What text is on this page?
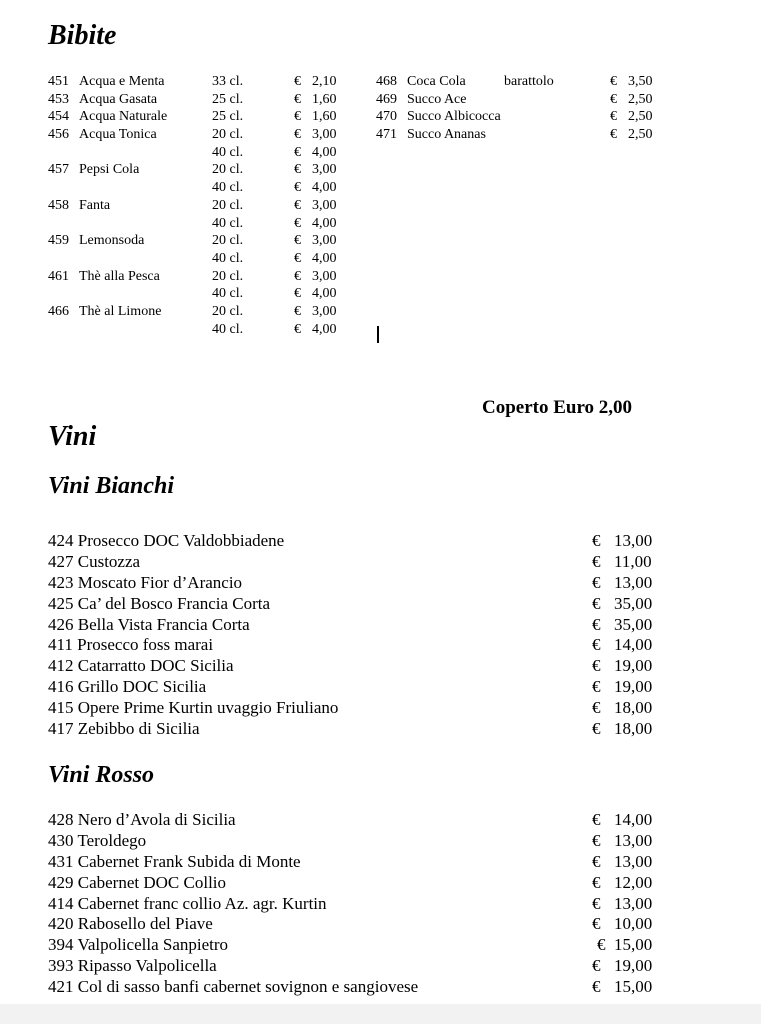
Bibite
451 Acqua e Menta	33 cl.	€ 2,10
453 Acqua Gasata	25 cl.	€ 1,60
454 Acqua Naturale	25 cl.	€ 1,60
456 Acqua Tonica	20 cl.	€ 3,00
40 cl.	€ 4,00
457 Pepsi Cola	20 cl.	€ 3,00
40 cl.	€ 4,00
458 Fanta	20 cl.	€ 3,00
40 cl.	€ 4,00
459 Lemonsoda	20 cl.	€ 3,00
40 cl.	€ 4,00
461 Thè alla Pesca	20 cl.	€ 3,00
40 cl.	€ 4,00
466 Thè al Limone	20 cl.	€ 3,00
40 cl.	€ 4,00
468 Coca Cola	barattolo	€ 3,50
469 Succo Ace	€ 2,50
470 Succo Albicocca	€ 2,50
471 Succo Ananas	€ 2,50
Coperto Euro 2,00
Vini
Vini Bianchi
424 Prosecco DOC Valdobbiadene	€ 13,00
427 Custozza	€ 11,00
423 Moscato Fior d’Arancio	€ 13,00
425 Ca’ del Bosco Francia Corta	€ 35,00
426 Bella Vista Francia Corta	€ 35,00
411 Prosecco foss marai	€ 14,00
412 Catarratto DOC Sicilia	€ 19,00
416 Grillo DOC Sicilia	€ 19,00
415 Opere Prime Kurtin uvaggio Friuliano	€ 18,00
417 Zebibbo di Sicilia	€ 18,00
Vini Rosso
428 Nero d’Avola di Sicilia	€ 14,00
430 Teroldego	€ 13,00
431 Cabernet Frank Subida di Monte	€ 13,00
429 Cabernet DOC Collio	€ 12,00
414 Cabernet franc collio Az. agr. Kurtin	€ 13,00
420 Rabosello del Piave	€ 10,00
394 Valpolicella Sanpietro	€ 15,00
393 Ripasso Valpolicella	€ 19,00
421 Col di sasso banfi cabernet sovignon e sangiovese	€ 15,00
